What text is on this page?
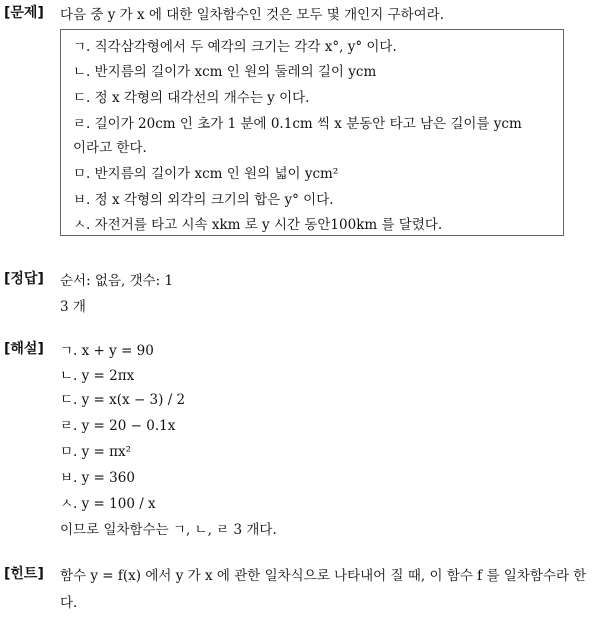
[문제] 다음 중 y 가 x 에 대한 일차함수인 것은 모두 몇 개인지 구하여라.
ㄱ. 직각삼각형에서 두 예각의 크기는 각각 x°, y° 이다.
ㄴ. 반지름의 길이가 xcm 인 원의 둘레의 길이 ycm
ㄷ. 정 x 각형의 대각선의 개수는 y 이다.
ㄹ. 길이가 20cm 인 초가 1 분에 0.1cm 씩 x 분동안 타고 남은 길이를 ycm
이라고 한다.
ㅁ. 반지름의 길이가 xcm 인 원의 넓이 ycm²
ㅂ. 정 x 각형의 외각의 크기의 합은 y° 이다.
ㅅ. 자전거를 타고 시속 xkm 로 y 시간 동안100km 를 달렸다.
[정답] 순서: 없음, 갯수: 1
3 개
[해설] ㄱ. x + y = 90
ㄴ. y = 2πx
ㄷ. y = x(x − 3) / 2
ㄹ. y = 20 − 0.1x
ㅁ. y = πx²
ㅂ. y = 360
ㅅ. y = 100 / x
이므로 일차함수는 ㄱ, ㄴ, ㄹ 3 개다.
[힌트] 함수 y = f(x) 에서 y 가 x 에 관한 일차식으로 나타내어 질 때, 이 함수 f 를 일차함수라 한다.
